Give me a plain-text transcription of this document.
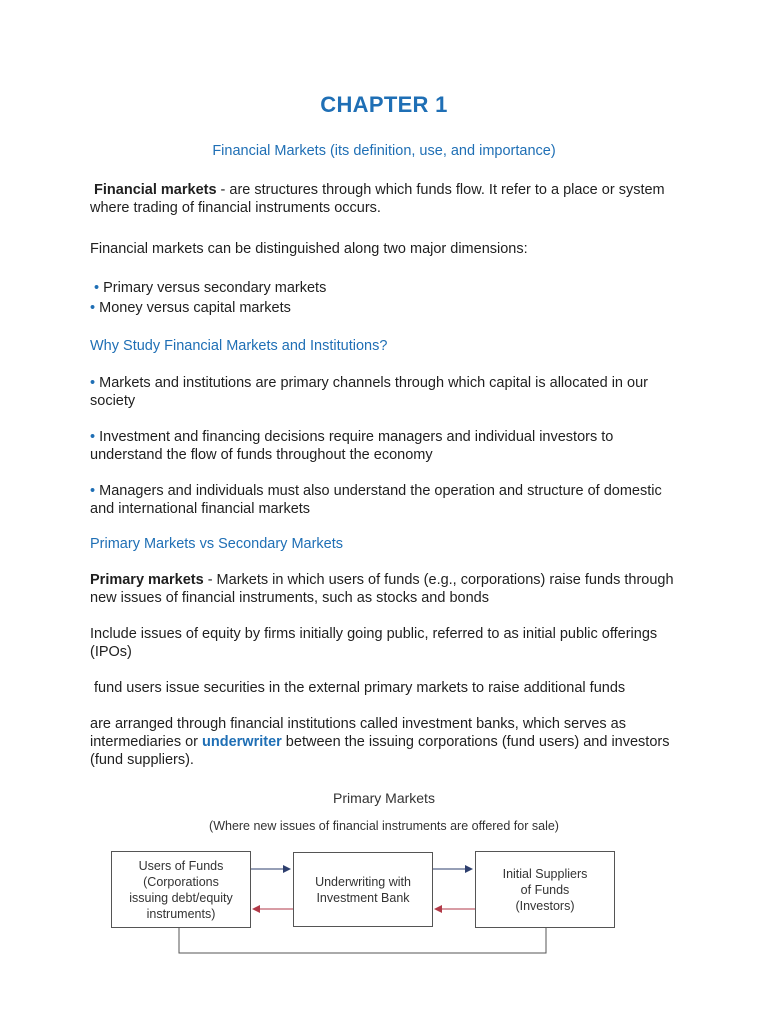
CHAPTER 1
Financial Markets (its definition, use, and importance)
Financial markets - are structures through which funds flow. It refer to a place or system where trading of financial instruments occurs.
Financial markets can be distinguished along two major dimensions:
• Primary versus secondary markets
• Money versus capital markets
Why Study Financial Markets and Institutions?
• Markets and institutions are primary channels through which capital is allocated in our society
• Investment and financing decisions require managers and individual investors to understand the flow of funds throughout the economy
• Managers and individuals must also understand the operation and structure of domestic and international financial markets
Primary Markets vs Secondary Markets
Primary markets - Markets in which users of funds (e.g., corporations) raise funds through new issues of financial instruments, such as stocks and bonds
Include issues of equity by firms initially going public, referred to as initial public offerings (IPOs)
fund users issue securities in the external primary markets to raise additional funds
are arranged through financial institutions called investment banks, which serves as intermediaries or underwriter between the issuing corporations (fund users) and investors (fund suppliers).
Primary Markets
(Where new issues of financial instruments are offered for sale)
Users of Funds
(Corporations
issuing debt/equity
instruments)
Underwriting with
Investment Bank
Initial Suppliers
of Funds
(Investors)
